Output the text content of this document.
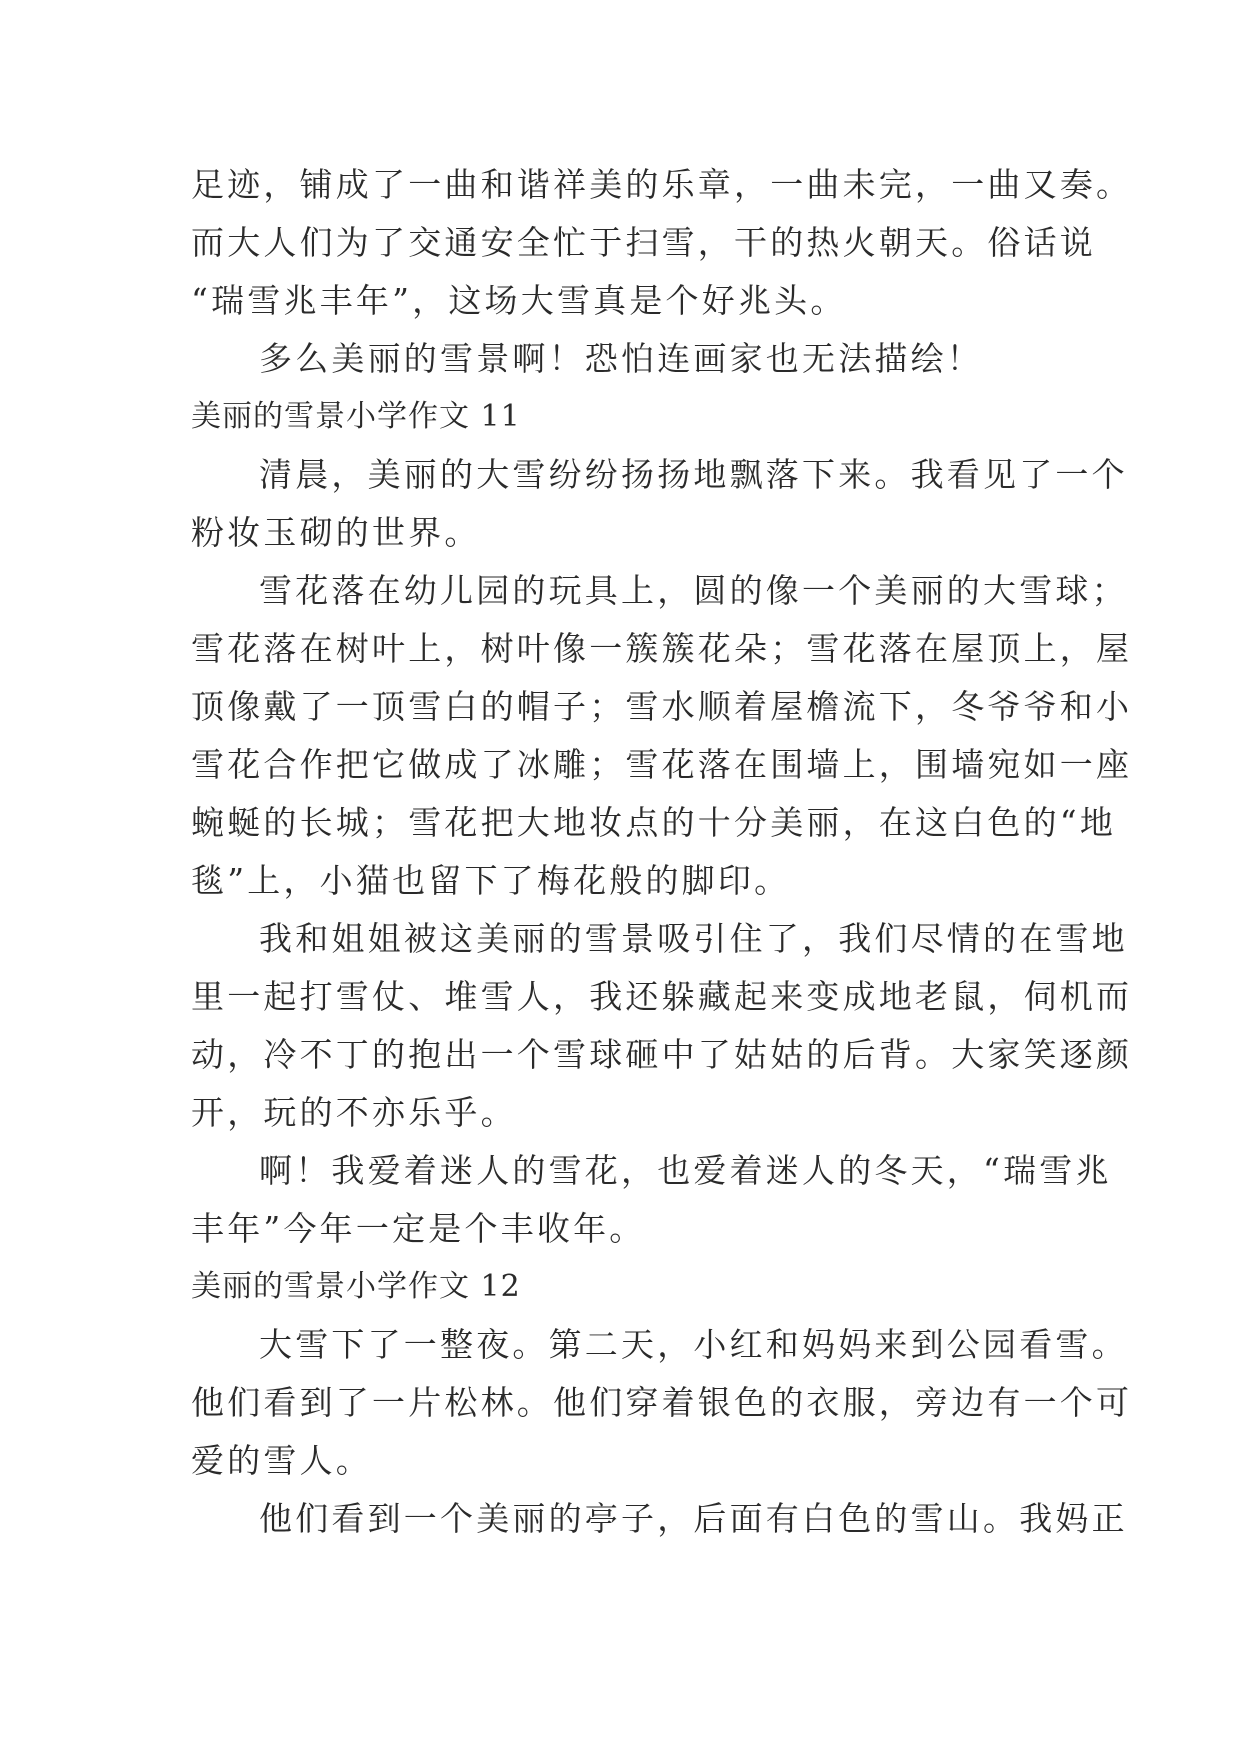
足迹，铺成了一曲和谐祥美的乐章，一曲未完，一曲又奏。
而大人们为了交通安全忙于扫雪，干的热火朝天。俗话说
“瑞雪兆丰年”，这场大雪真是个好兆头。
多么美丽的雪景啊！恐怕连画家也无法描绘！
美丽的雪景小学作文 11
清晨，美丽的大雪纷纷扬扬地飘落下来。我看见了一个
粉妆玉砌的世界。
雪花落在幼儿园的玩具上，圆的像一个美丽的大雪球；
雪花落在树叶上，树叶像一簇簇花朵；雪花落在屋顶上，屋
顶像戴了一顶雪白的帽子；雪水顺着屋檐流下，冬爷爷和小
雪花合作把它做成了冰雕；雪花落在围墙上，围墙宛如一座
蜿蜒的长城；雪花把大地妆点的十分美丽，在这白色的“地
毯”上，小猫也留下了梅花般的脚印。
我和姐姐被这美丽的雪景吸引住了，我们尽情的在雪地
里一起打雪仗、堆雪人，我还躲藏起来变成地老鼠，伺机而
动，冷不丁的抱出一个雪球砸中了姑姑的后背。大家笑逐颜
开，玩的不亦乐乎。
啊！我爱着迷人的雪花，也爱着迷人的冬天，“瑞雪兆
丰年”今年一定是个丰收年。
美丽的雪景小学作文 12
大雪下了一整夜。第二天，小红和妈妈来到公园看雪。
他们看到了一片松林。他们穿着银色的衣服，旁边有一个可
爱的雪人。
他们看到一个美丽的亭子，后面有白色的雪山。我妈正
